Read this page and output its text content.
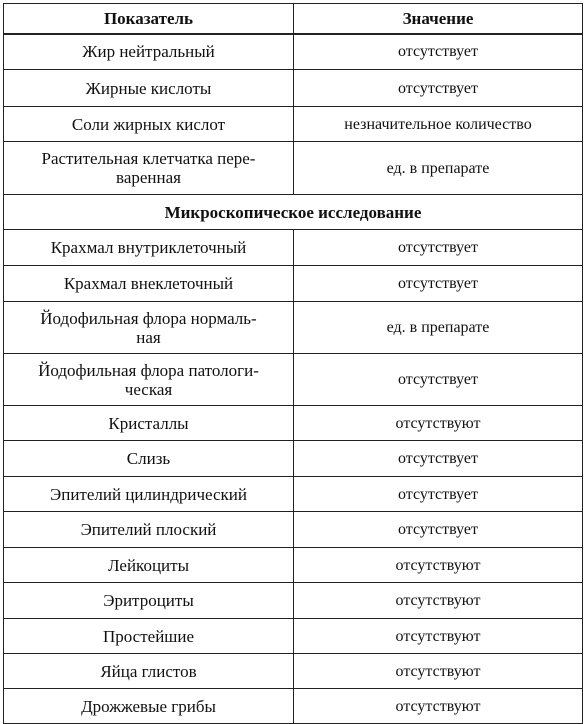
Показатель	Значение
Жир нейтральный	отсутствует
Жирные кислоты	отсутствует
Соли жирных кислот	незначительное количество
Растительная клетчатка пере-
варенная	ед. в препарате
Микроскопическое исследование	
Крахмал внутриклеточный	отсутствует
Крахмал внеклеточный	отсутствует
Йодофильная флора нормаль-
ная	ед. в препарате
Йодофильная флора патологи-
ческая	отсутствует
Кристаллы	отсутствуют
Слизь	отсутствует
Эпителий цилиндрический	отсутствует
Эпителий плоский	отсутствует
Лейкоциты	отсутствуют
Эритроциты	отсутствуют
Простейшие	отсутствуют
Яйца глистов	отсутствуют
Дрожжевые грибы	отсутствуют
